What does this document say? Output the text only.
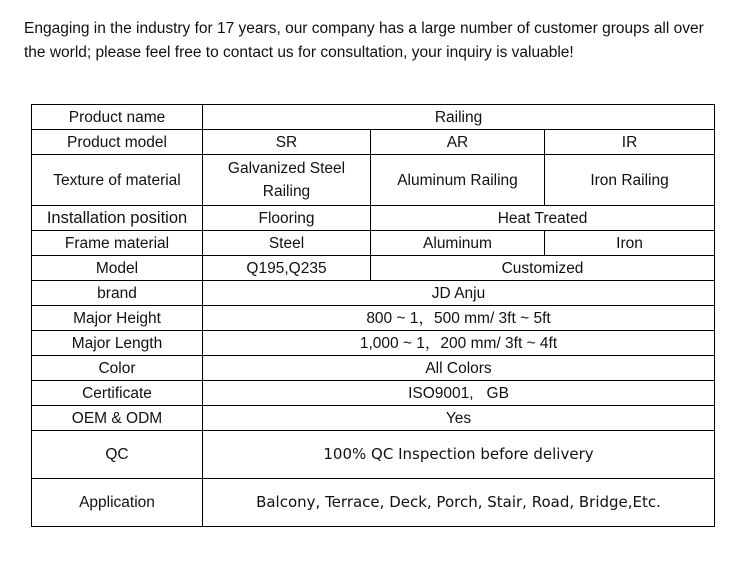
Engaging in the industry for 17 years, our company has a large number of customer groups all over the world; please feel free to contact us for consultation, your inquiry is valuable!
Product name	Railing		
Product model	SR	AR	IR
Texture of material	Galvanized Steel Railing	Aluminum Railing	Iron Railing
Installation position	Flooring	Heat Treated	
Frame material	Steel	Aluminum	Iron
Model	Q195,Q235	Customized	
brand	JD Anju		
Major Height	800 ~ 1，500 mm/ 3ft ~ 5ft		
Major Length	1,000 ~ 1，200 mm/ 3ft ~ 4ft		
Color	All Colors		
Certificate	ISO9001,   GB		
OEM & ODM	Yes		
QC	100% QC Inspection before delivery		
Application	Balcony, Terrace, Deck, Porch, Stair, Road, Bridge,Etc.		
